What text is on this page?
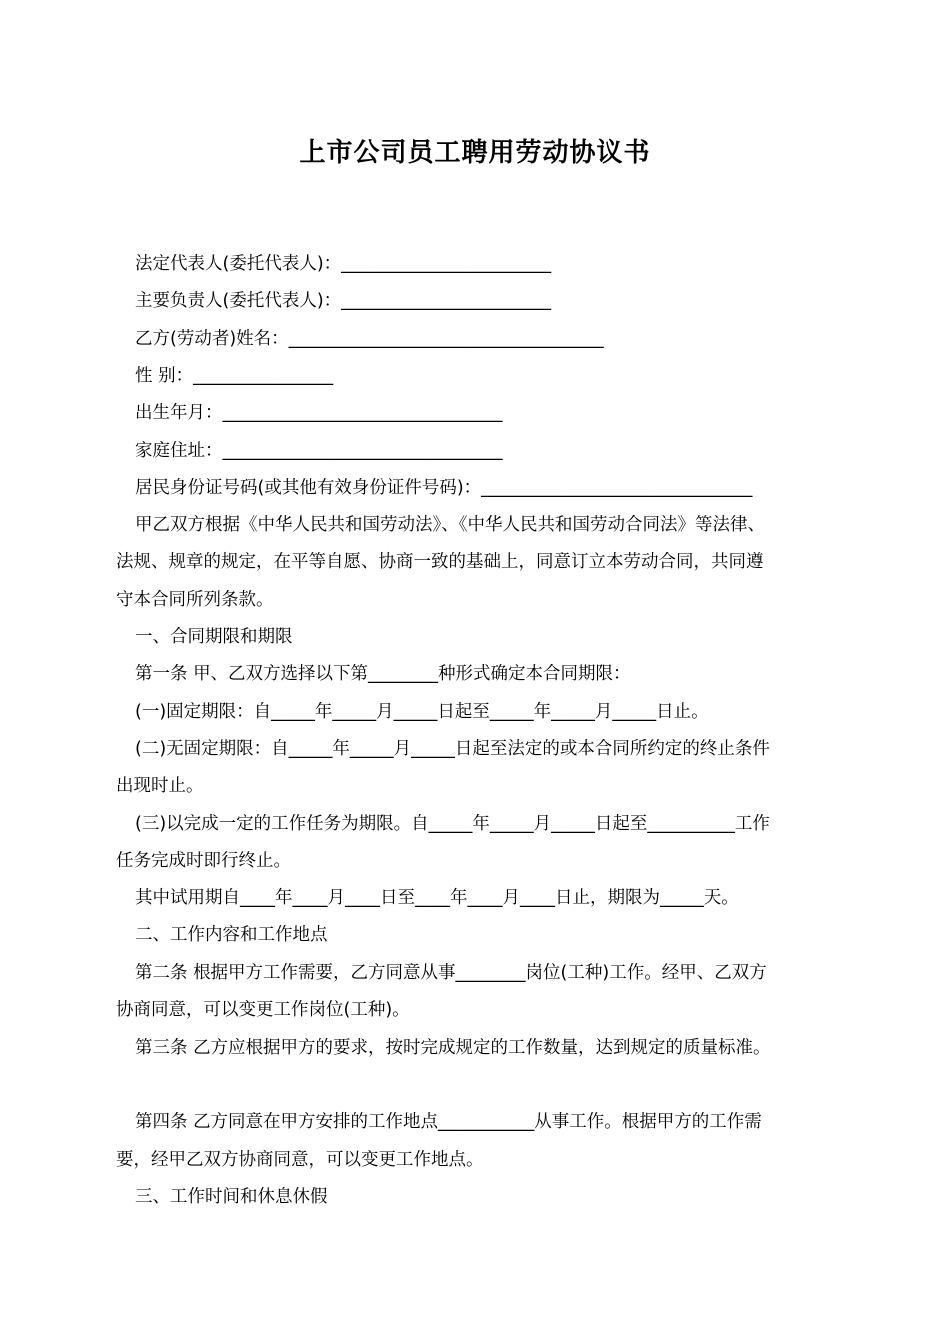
上市公司员工聘用劳动协议书
法定代表人(委托代表人)：________________________
主要负责人(委托代表人)：________________________
乙方(劳动者)姓名：____________________________________
性 别：________________
出生年月：________________________________
家庭住址：________________________________
居民身份证号码(或其他有效身份证件号码)：_______________________________
甲乙双方根据《中华人民共和国劳动法》、《中华人民共和国劳动合同法》等法律、
法规、规章的规定，在平等自愿、协商一致的基础上，同意订立本劳动合同，共同遵
守本合同所列条款。
一、合同期限和期限
第一条 甲、乙双方选择以下第________种形式确定本合同期限：
(一)固定期限：自_____年_____月_____日起至_____年_____月_____日止。
(二)无固定期限：自_____年_____月_____日起至法定的或本合同所约定的终止条件
出现时止。
(三)以完成一定的工作任务为期限。自_____年_____月_____日起至__________工作
任务完成时即行终止。
其中试用期自____年____月____日至____年____月____日止，期限为_____天。
二、工作内容和工作地点
第二条 根据甲方工作需要，乙方同意从事________岗位(工种)工作。经甲、乙双方
协商同意，可以变更工作岗位(工种)。
第三条 乙方应根据甲方的要求，按时完成规定的工作数量，达到规定的质量标准。
第四条 乙方同意在甲方安排的工作地点___________从事工作。根据甲方的工作需
要，经甲乙双方协商同意，可以变更工作地点。
三、工作时间和休息休假
